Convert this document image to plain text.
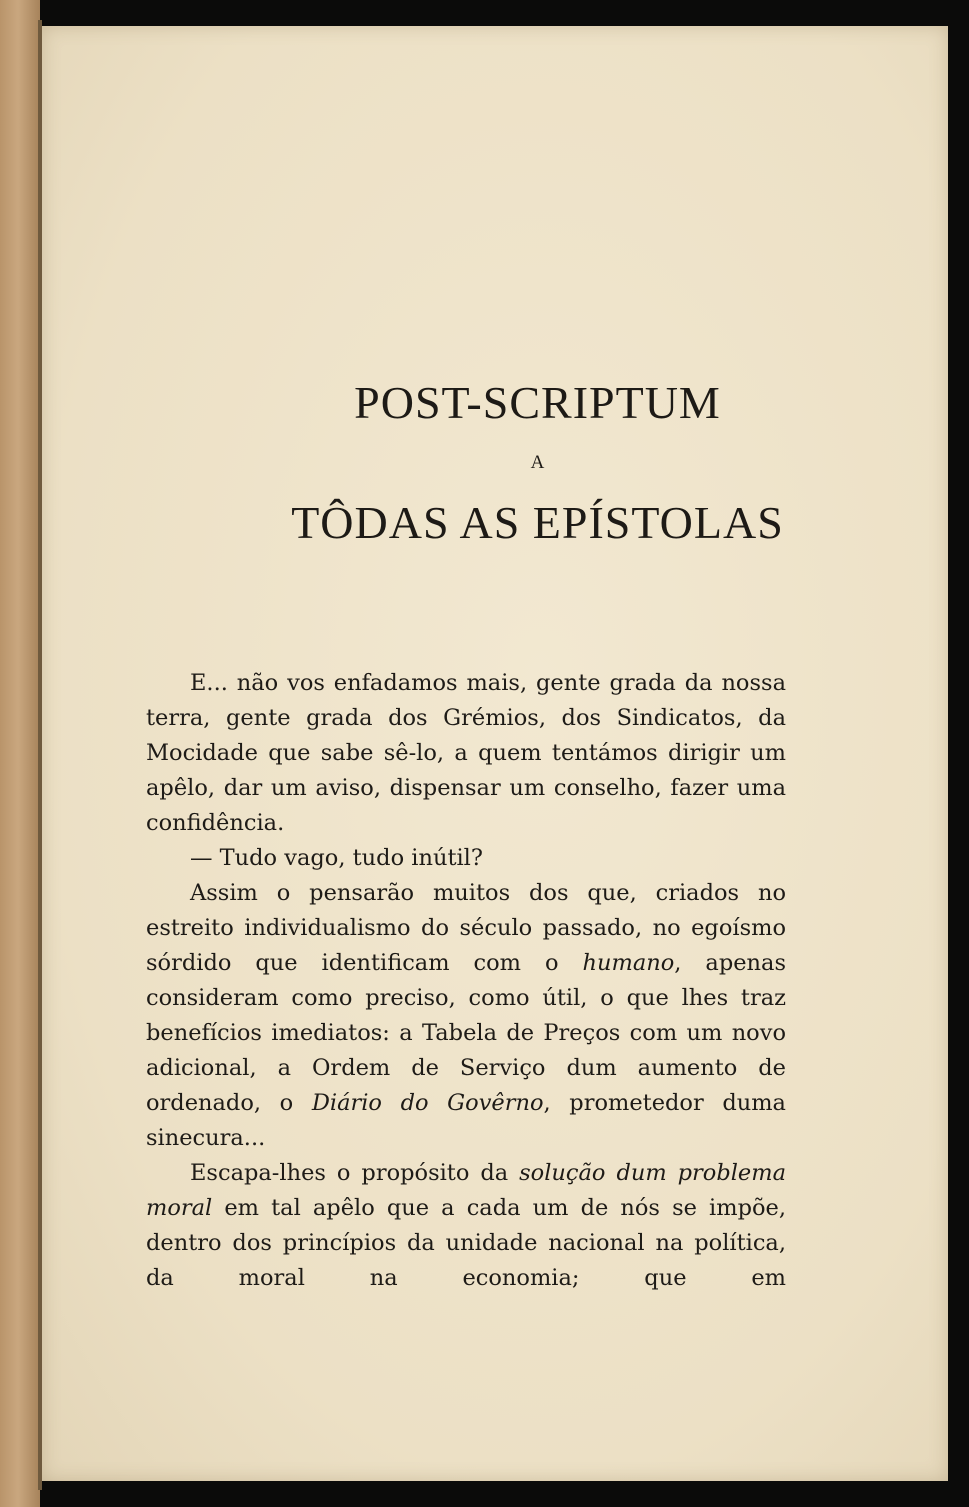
POST-SCRIPTUM
A
TÔDAS AS EPÍSTOLAS

E... não vos enfadamos mais, gente grada da nossa terra, gente grada dos Grémios, dos Sindicatos, da Mocidade que sabe sê-lo, a quem tentámos dirigir um apêlo, dar um aviso, dispensar um conselho, fazer uma confidência.

— Tudo vago, tudo inútil?

Assim o pensarão muitos dos que, criados no estreito individualismo do século passado, no egoísmo sórdido que identificam com o humano, apenas consideram como preciso, como útil, o que lhes traz benefícios imediatos: a Tabela de Preços com um novo adicional, a Ordem de Serviço dum aumento de ordenado, o Diário do Govêrno, prometedor duma sinecura...

Escapa-lhes o propósito da solução dum problema moral em tal apêlo que a cada um de nós se impõe, dentro dos princípios da unidade nacional na política, da moral na economia; que em
